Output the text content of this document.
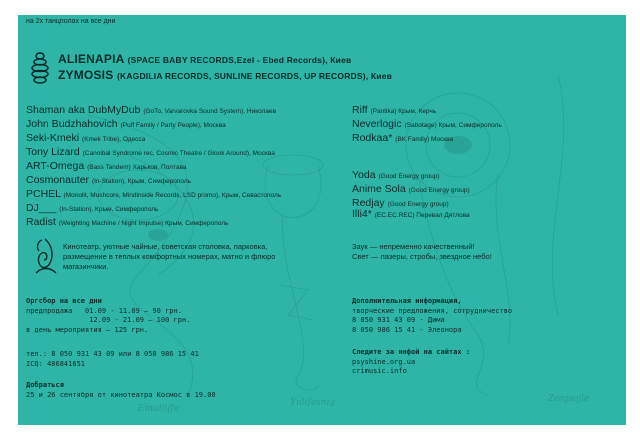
Emulliffe
Ynlifesnig	Zonjsejle
на 2х танцполах на все дни
ALIENAPIA (SPACE BABY RECORDS,Ezel - Ebed Records), Киев
ZYMOSIS (KAGDILIA RECORDS, SUNLINE RECORDS, UP RECORDS), Киев
Shaman aka DubMyDub (GoTo, Varvarovka Sound System), Николаев
John Budzhahovich (Puff Family / Party People), Москва
Seki-Kmeki (Kmek Tribe), Одесса
Tony Lizard (Cannibal Syndrome rec, Cosmic Theatre / Glook Around), Москва
ART-Omega (Bass Tandem) Харьков, Полтава
Cosmonauter (In-Station), Крым, Симферополь
PCHEL (Monolit, Mushcore, Mindinside Records, LSD promo), Крым, Севастополь
DJ___ (In-Station), Крым, Симферополь
Radist (Weighting Machine / Night Impulse) Крым, Симферополь
Riff (Pantika) Крым, Керчь
Neverlogic (Sabotage) Крым, Симферополь
Rodkaa* (BK Family) Москва
Yoda (Good Energy group)
Anime Sola (Good Energy group)
Redjay (Good Energy group)
Illi4* (EC.EC.REC) Перевал Дятлова
Кинотеатр, уютные чайные, советская столовка, парковка,
размещение в теплых комфортных номерах, матно и флюро
магазинчики.
Заук — непременно качественный!
Свет — лазеры, стробы, звездное небо!
Оргсбор на все дни
предпродажа   01.09 - 11.09 — 90 грн.
12.09 - 21.09 — 100 грн.
в день мероприятия — 125 грн.
тел.: 8 050 931 43 09 или 8 050 986 15 41
ICQ: 486841651
Добраться
25 и 26 сентября от кинотеатра Космос в 19.00
Дополнительная информация,
творческие предложения, сотрудничество
8 050 931 43 09 - Дима
8 050 986 15 41 - Элеонора
Следите за инфой на сайтах :
psyshine.org.ua
crimusic.info
